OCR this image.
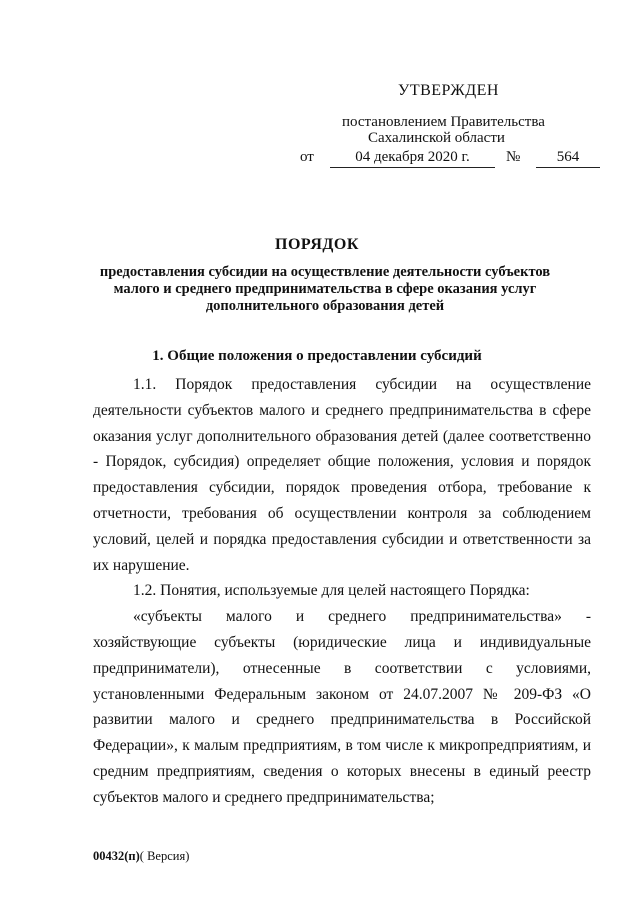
УТВЕРЖДЕН
постановлением Правительства
Сахалинской области
от	04 декабря 2020 г.	№	564
ПОРЯДОК
предоставления субсидии на осуществление деятельности субъектов малого и среднего предпринимательства в сфере оказания услуг дополнительного образования детей
1. Общие положения о предоставлении субсидий

1.1. Порядок предоставления субсидии на осуществление деятельности субъектов малого и среднего предпринимательства в сфере оказания услуг дополнительного образования детей (далее соответственно - Порядок, субсидия) определяет общие положения, условия и порядок предоставления субсидии, порядок проведения отбора, требование к отчетности, требования об осуществлении контроля за соблюдением условий, целей и порядка предоставления субсидии и ответственности за их нарушение.

1.2. Понятия, используемые для целей настоящего Порядка:

«субъекты малого и среднего предпринимательства» - хозяйствующие субъекты (юридические лица и индивидуальные предприниматели), отнесенные в соответствии с условиями, установленными Федеральным законом от 24.07.2007 № 209-ФЗ «О развитии малого и среднего предпринимательства в Российской Федерации», к малым предприятиям, в том числе к микропредприятиям, и средним предприятиям, сведения о которых внесены в единый реестр субъектов малого и среднего предпринимательства;

00432(п)( Версия)
